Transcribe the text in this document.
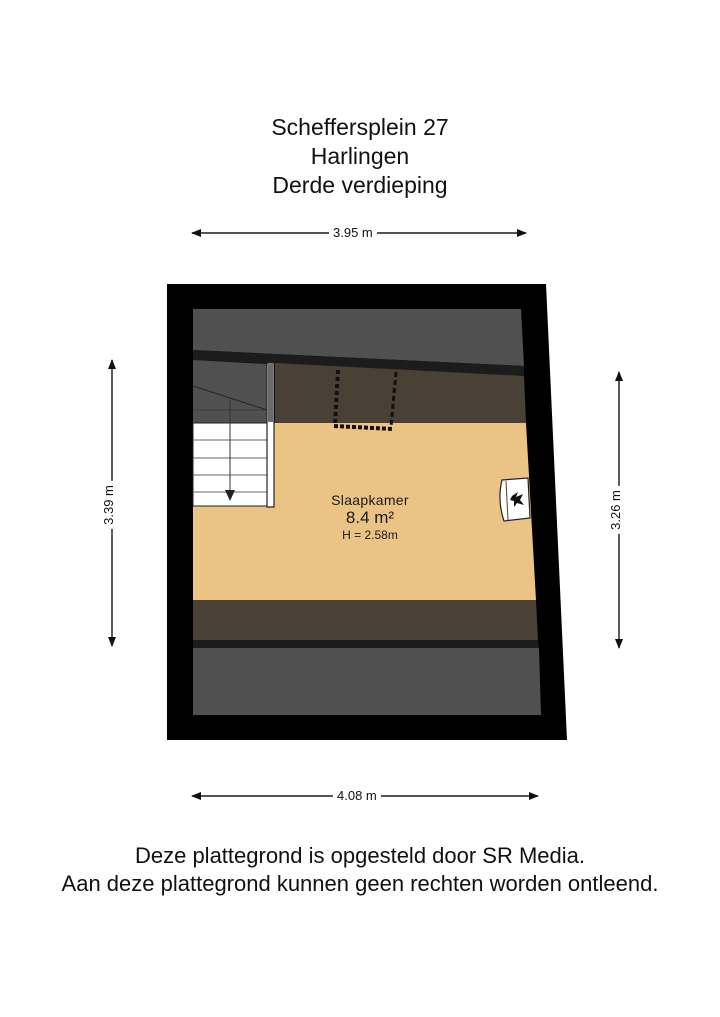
Scheffersplein 27
Harlingen
Derde verdieping
3.95 m
4.08 m
3.39 m	3.26 m
Slaapkamer
8.4 m²
H = 2.58m
Deze plattegrond is opgesteld door SR Media.
Aan deze plattegrond kunnen geen rechten worden ontleend.
